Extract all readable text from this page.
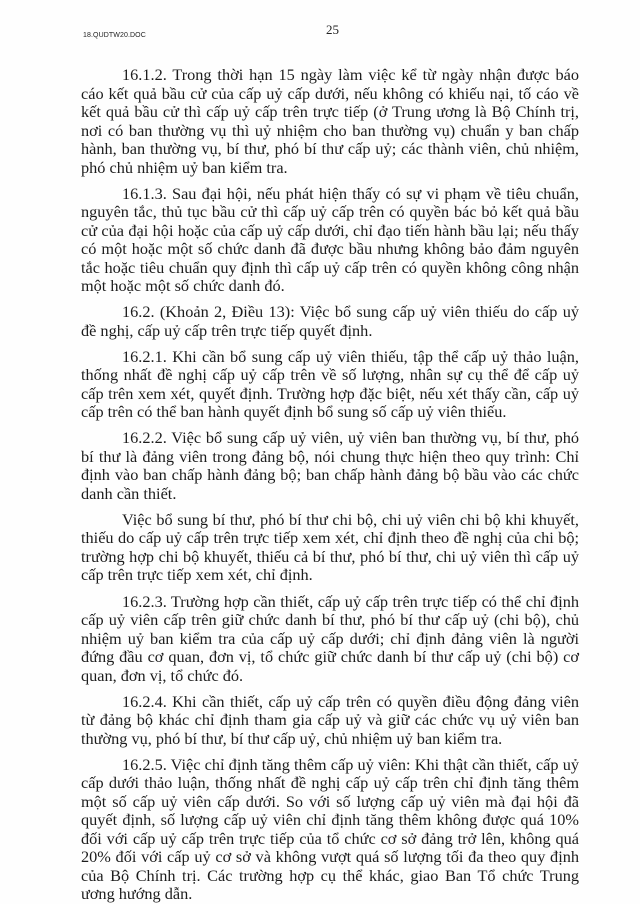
18.QUDTW20.DOC	25

16.1.2. Trong thời hạn 15 ngày làm việc kể từ ngày nhận được báo cáo kết quả bầu cử của cấp uỷ cấp dưới, nếu không có khiếu nại, tố cáo về kết quả bầu cử thì cấp uỷ cấp trên trực tiếp (ở Trung ương là Bộ Chính trị, nơi có ban thường vụ thì uỷ nhiệm cho ban thường vụ) chuẩn y ban chấp hành, ban thường vụ, bí thư, phó bí thư cấp uỷ; các thành viên, chủ nhiệm, phó chủ nhiệm uỷ ban kiểm tra.

16.1.3. Sau đại hội, nếu phát hiện thấy có sự vi phạm về tiêu chuẩn, nguyên tắc, thủ tục bầu cử thì cấp uỷ cấp trên có quyền bác bỏ kết quả bầu cử của đại hội hoặc của cấp uỷ cấp dưới, chỉ đạo tiến hành bầu lại; nếu thấy có một hoặc một số chức danh đã được bầu nhưng không bảo đảm nguyên tắc hoặc tiêu chuẩn quy định thì cấp uỷ cấp trên có quyền không công nhận một hoặc một số chức danh đó.

16.2. (Khoản 2, Điều 13): Việc bổ sung cấp uỷ viên thiếu do cấp uỷ đề nghị, cấp uỷ cấp trên trực tiếp quyết định.

16.2.1. Khi cần bổ sung cấp uỷ viên thiếu, tập thể cấp uỷ thảo luận, thống nhất đề nghị cấp uỷ cấp trên về số lượng, nhân sự cụ thể để cấp uỷ cấp trên xem xét, quyết định. Trường hợp đặc biệt, nếu xét thấy cần, cấp uỷ cấp trên có thể ban hành quyết định bổ sung số cấp uỷ viên thiếu.

16.2.2. Việc bổ sung cấp uỷ viên, uỷ viên ban thường vụ, bí thư, phó bí thư là đảng viên trong đảng bộ, nói chung thực hiện theo quy trình: Chỉ định vào ban chấp hành đảng bộ; ban chấp hành đảng bộ bầu vào các chức danh cần thiết.

Việc bổ sung bí thư, phó bí thư chi bộ, chi uỷ viên chi bộ khi khuyết, thiếu do cấp uỷ cấp trên trực tiếp xem xét, chỉ định theo đề nghị của chi bộ; trường hợp chi bộ khuyết, thiếu cả bí thư, phó bí thư, chi uỷ viên thì cấp uỷ cấp trên trực tiếp xem xét, chỉ định.

16.2.3. Trường hợp cần thiết, cấp uỷ cấp trên trực tiếp có thể chỉ định cấp uỷ viên cấp trên giữ chức danh bí thư, phó bí thư cấp uỷ (chi bộ), chủ nhiệm uỷ ban kiểm tra của cấp uỷ cấp dưới; chỉ định đảng viên là người đứng đầu cơ quan, đơn vị, tổ chức giữ chức danh bí thư cấp uỷ (chi bộ) cơ quan, đơn vị, tổ chức đó.

16.2.4. Khi cần thiết, cấp uỷ cấp trên có quyền điều động đảng viên từ đảng bộ khác chỉ định tham gia cấp uỷ và giữ các chức vụ uỷ viên ban thường vụ, phó bí thư, bí thư cấp uỷ, chủ nhiệm uỷ ban kiểm tra.

16.2.5. Việc chỉ định tăng thêm cấp uỷ viên: Khi thật cần thiết, cấp uỷ cấp dưới thảo luận, thống nhất đề nghị cấp uỷ cấp trên chỉ định tăng thêm một số cấp uỷ viên cấp dưới. So với số lượng cấp uỷ viên mà đại hội đã quyết định, số lượng cấp uỷ viên chỉ định tăng thêm không được quá 10% đối với cấp uỷ cấp trên trực tiếp của tổ chức cơ sở đảng trở lên, không quá 20% đối với cấp uỷ cơ sở và không vượt quá số lượng tối đa theo quy định của Bộ Chính trị. Các trường hợp cụ thể khác, giao Ban Tổ chức Trung ương hướng dẫn.
